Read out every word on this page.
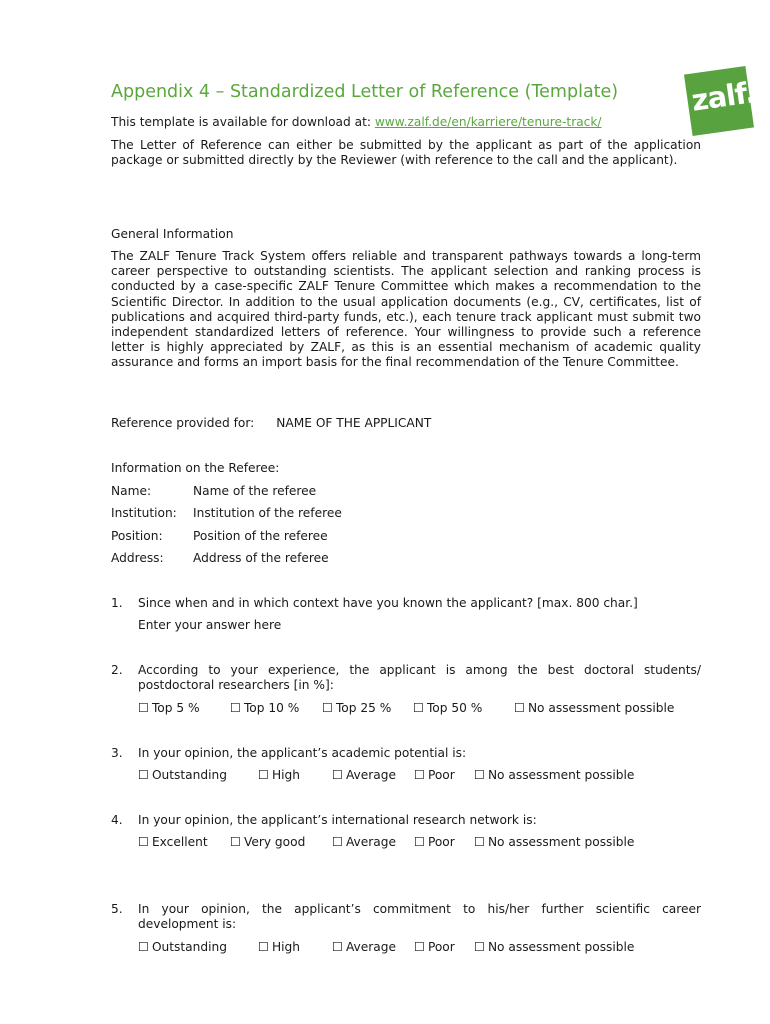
Appendix 4 – Standardized Letter of Reference (Template) zalf.
This template is available for download at: www.zalf.de/en/karriere/tenure-track/
The Letter of Reference can either be submitted by the applicant as part of the application package or submitted directly by the Reviewer (with reference to the call and the applicant).
General Information
The ZALF Tenure Track System offers reliable and transparent pathways towards a long-term career perspective to outstanding scientists. The applicant selection and ranking process is conducted by a case-specific ZALF Tenure Committee which makes a recommendation to the Scientific Director. In addition to the usual application documents (e.g., CV, certificates, list of publications and acquired third-party funds, etc.), each tenure track applicant must submit two independent standardized letters of reference. Your willingness to provide such a reference letter is highly appreciated by ZALF, as this is an essential mechanism of academic quality assurance and forms an import basis for the final recommendation of the Tenure Committee.
Reference provided for: NAME OF THE APPLICANT
Information on the Referee:
Name:	Name of the referee
Institution: Institution of the referee
Position: Position of the referee
Address: Address of the referee
1. Since when and in which context have you known the applicant? [max. 800 char.]
Enter your answer here
2. According to your experience, the applicant is among the best doctoral students/ postdoctoral researchers [in %]:
☐ Top 5 % ☐ Top 10 % ☐ Top 25 % ☐ Top 50 %	☐ No assessment possible
3. In your opinion, the applicant’s academic potential is:
☐ Outstanding	☐ High	☐ Average ☐ Poor ☐ No assessment possible
4. In your opinion, the applicant’s international research network is:
☐ Excellent ☐ Very good ☐ Average ☐ Poor ☐ No assessment possible
5. In your opinion, the applicant’s commitment to his/her further scientific career development is:
☐ Outstanding	☐ High	☐ Average ☐ Poor ☐ No assessment possible
